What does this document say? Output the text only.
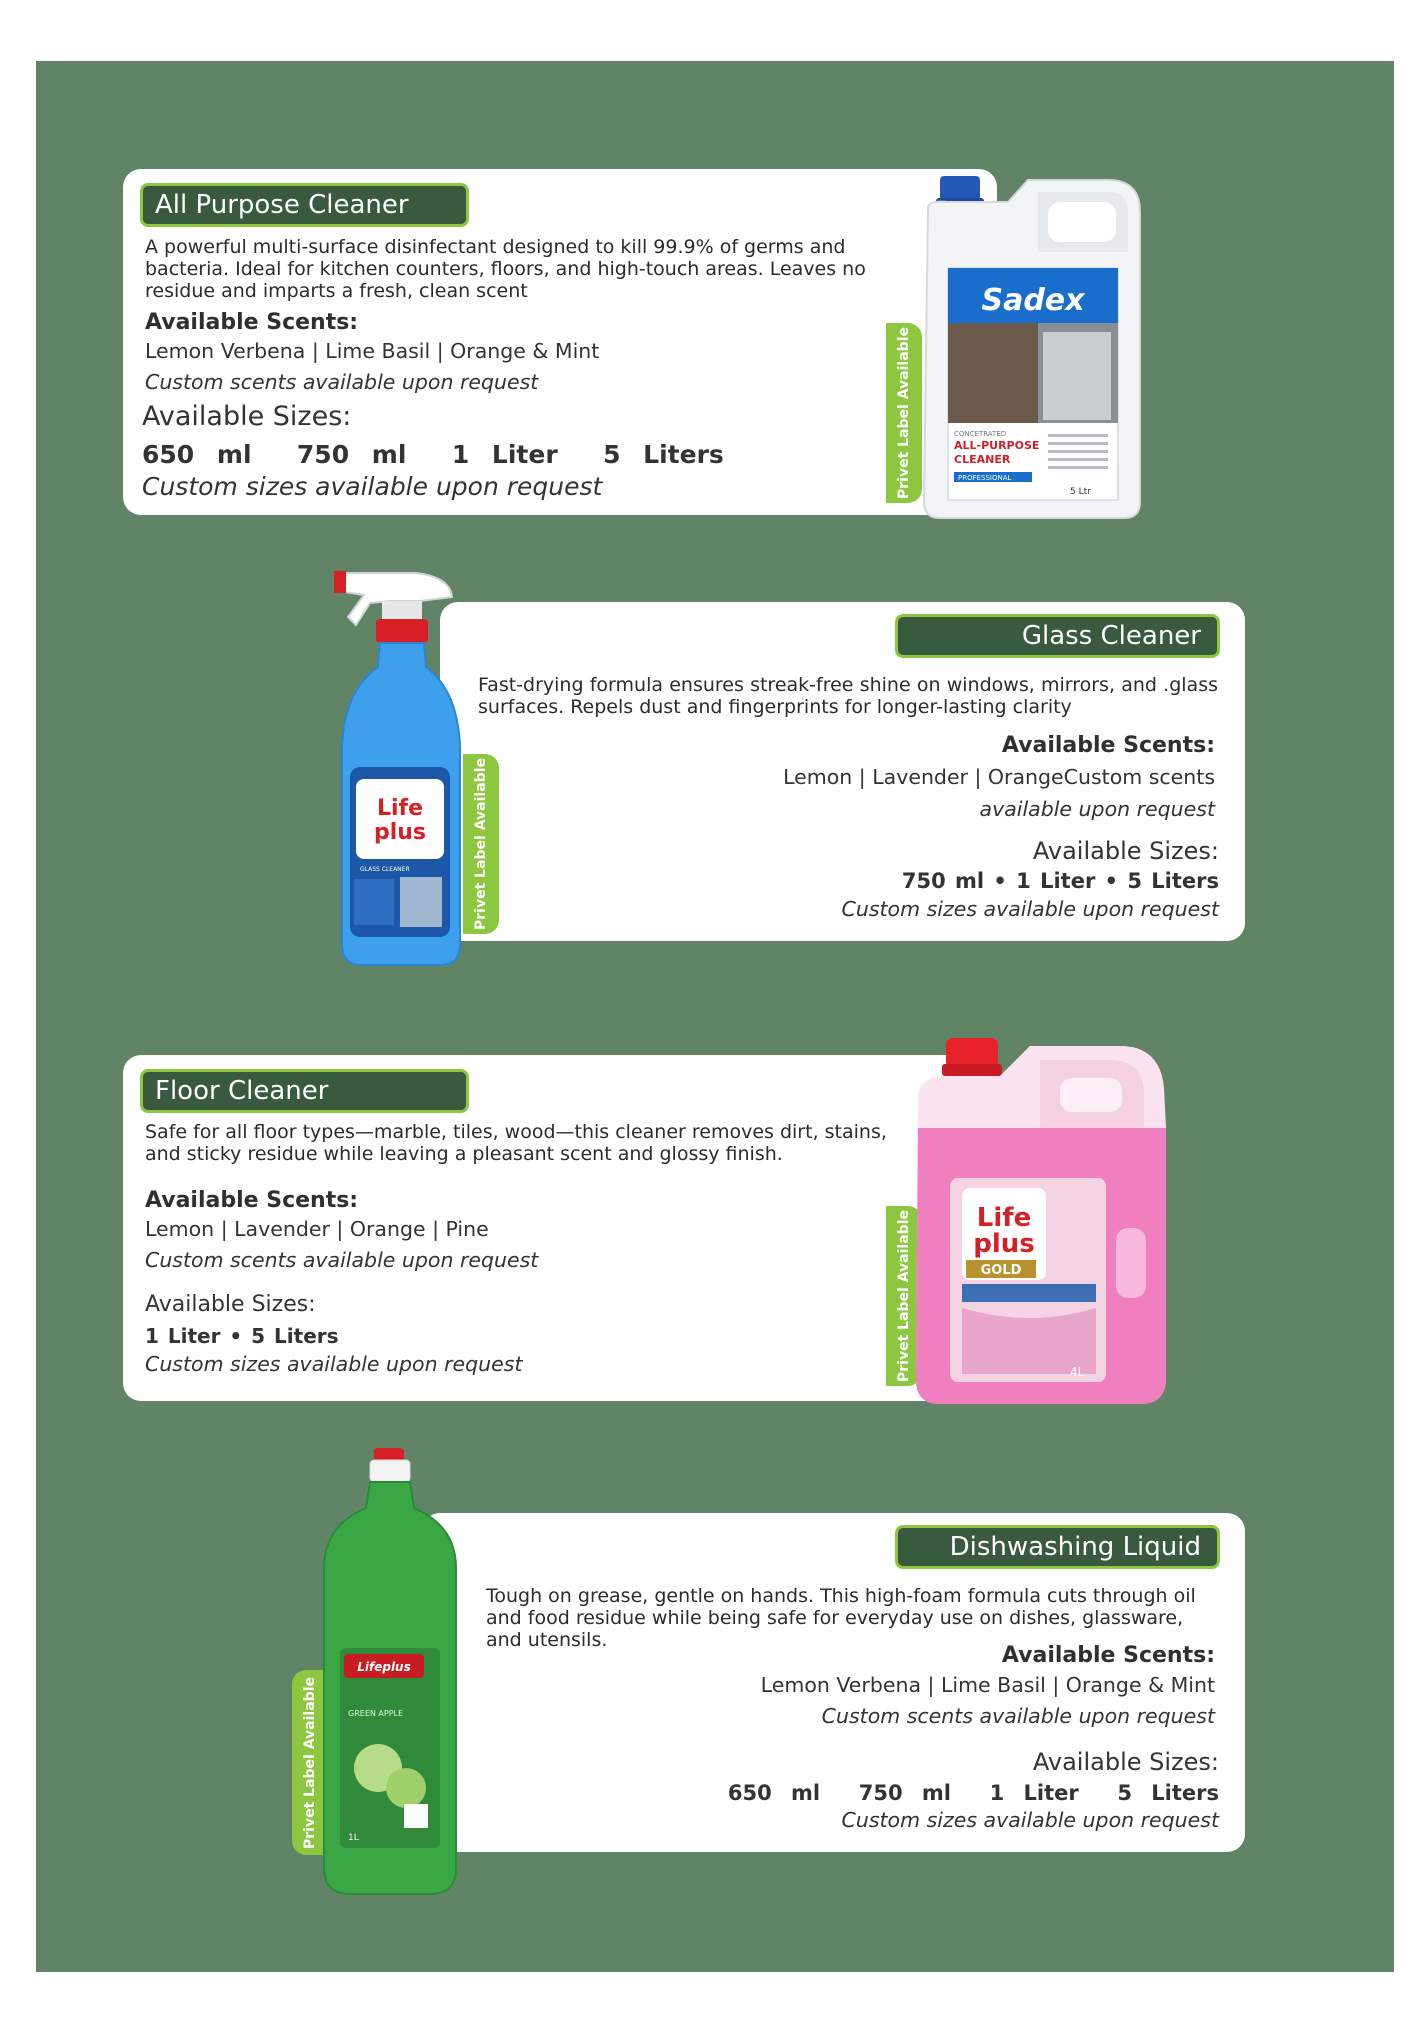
All Purpose Cleaner
A powerful multi-surface disinfectant designed to kill 99.9% of germs and bacteria. Ideal for kitchen counters, floors, and high-touch areas. Leaves no residue and imparts a fresh, clean scent
Available Scents:
Lemon Verbena | Lime Basil | Orange & Mint
Custom scents available upon request
Available Sizes:
650 ml  750 ml  1 Liter  5 Liters
Custom sizes available upon request	Privet Label Available
Sadex
CONCETRATED
ALL-PURPOSE
CLEANER
PROFESSIONAL
5 Ltr
Glass Cleaner
Fast-drying formula ensures streak-free shine on windows, mirrors, and .glass surfaces. Repels dust and fingerprints for longer-lasting clarity
Available Scents:
Lemon | Lavender | OrangeCustom scents
available upon request
Available Sizes:
750 ml • 1 Liter • 5 Liters
Custom sizes available upon request
Privet Label Available
Life
plus
GLASS CLEANER
Floor Cleaner
Safe for all floor types—marble, tiles, wood—this cleaner removes dirt, stains, and sticky residue while leaving a pleasant scent and glossy finish.
Available Scents:
Lemon | Lavender | Orange | Pine
Custom scents available upon request
Available Sizes:
1 Liter • 5 Liters
Custom sizes available upon request	Privet Label Available Life
plus
GOLD
4L
Dishwashing Liquid
Tough on grease, gentle on hands. This high-foam formula cuts through oil and food residue while being safe for everyday use on dishes, glassware, and utensils.
Available Scents:
Lemon Verbena | Lime Basil | Orange & Mint
Custom scents available upon request
Available Sizes:
650 ml  750 ml  1 Liter  5 Liters
Custom sizes available upon request
Privet Label Available
Lifeplus
GREEN APPLE
1L
